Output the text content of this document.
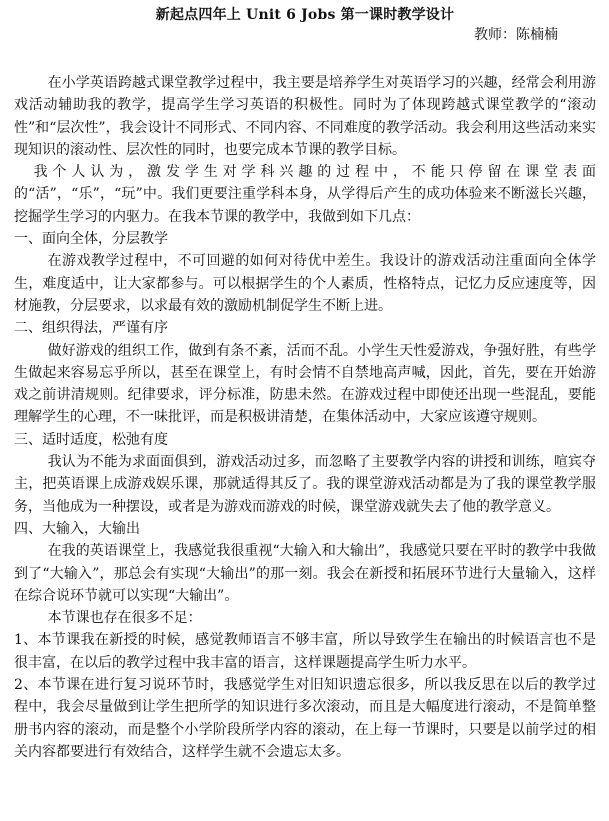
新起点四年上 Unit 6 Jobs 第一课时教学设计

教师：陈楠楠

在小学英语跨越式课堂教学过程中，我主要是培养学生对英语学习的兴趣，经常会利用游戏活动辅助我的教学，提高学生学习英语的积极性。同时为了体现跨越式课堂教学的“滚动性”和“层次性”，我会设计不同形式、不同内容、不同难度的教学活动。我会利用这些活动来实现知识的滚动性、层次性的同时，也要完成本节课的教学目标。

我个人认为，激发学生对学科兴趣的过程中，不能只停留在课堂表面的“活”，“乐”，“玩”中。我们更要注重学科本身，从学得后产生的成功体验来不断滋长兴趣，挖掘学生学习的内驱力。在我本节课的教学中，我做到如下几点：

一、面向全体，分层教学

在游戏教学过程中，不可回避的如何对待优中差生。我设计的游戏活动注重面向全体学生，难度适中，让大家都参与。可以根据学生的个人素质，性格特点，记忆力反应速度等，因材施教，分层要求，以求最有效的激励机制促学生不断上进。

二、组织得法，严谨有序

做好游戏的组织工作，做到有条不紊，活而不乱。小学生天性爱游戏，争强好胜，有些学生做起来容易忘乎所以，甚至在课堂上，有时会情不自禁地高声喊，因此，首先，要在开始游戏之前讲清规则。纪律要求，评分标准，防患未然。在游戏过程中即使还出现一些混乱，要能理解学生的心理，不一味批评，而是积极讲清楚，在集体活动中，大家应该遵守规则。

三、适时适度，松弛有度

我认为不能为求面面俱到，游戏活动过多，而忽略了主要教学内容的讲授和训练，喧宾夺主，把英语课上成游戏娱乐课，那就适得其反了。我的课堂游戏活动都是为了我的课堂教学服务，当他成为一种摆设，或者是为游戏而游戏的时候，课堂游戏就失去了他的教学意义。

四、大输入，大输出

在我的英语课堂上，我感觉我很重视“大输入和大输出”，我感觉只要在平时的教学中我做到了“大输入”，那总会有实现“大输出”的那一刻。我会在新授和拓展环节进行大量输入，这样在综合说环节就可以实现“大输出”。

本节课也存在很多不足：

1、本节课我在新授的时候，感觉教师语言不够丰富，所以导致学生在输出的时候语言也不是很丰富，在以后的教学过程中我丰富的语言，这样课题提高学生听力水平。

2、本节课在进行复习说环节时，我感觉学生对旧知识遗忘很多，所以我反思在以后的教学过程中，我会尽量做到让学生把所学的知识进行多次滚动，而且是大幅度进行滚动，不是简单整册书内容的滚动，而是整个小学阶段所学内容的滚动，在上每一节课时，只要是以前学过的相关内容都要进行有效结合，这样学生就不会遗忘太多。
